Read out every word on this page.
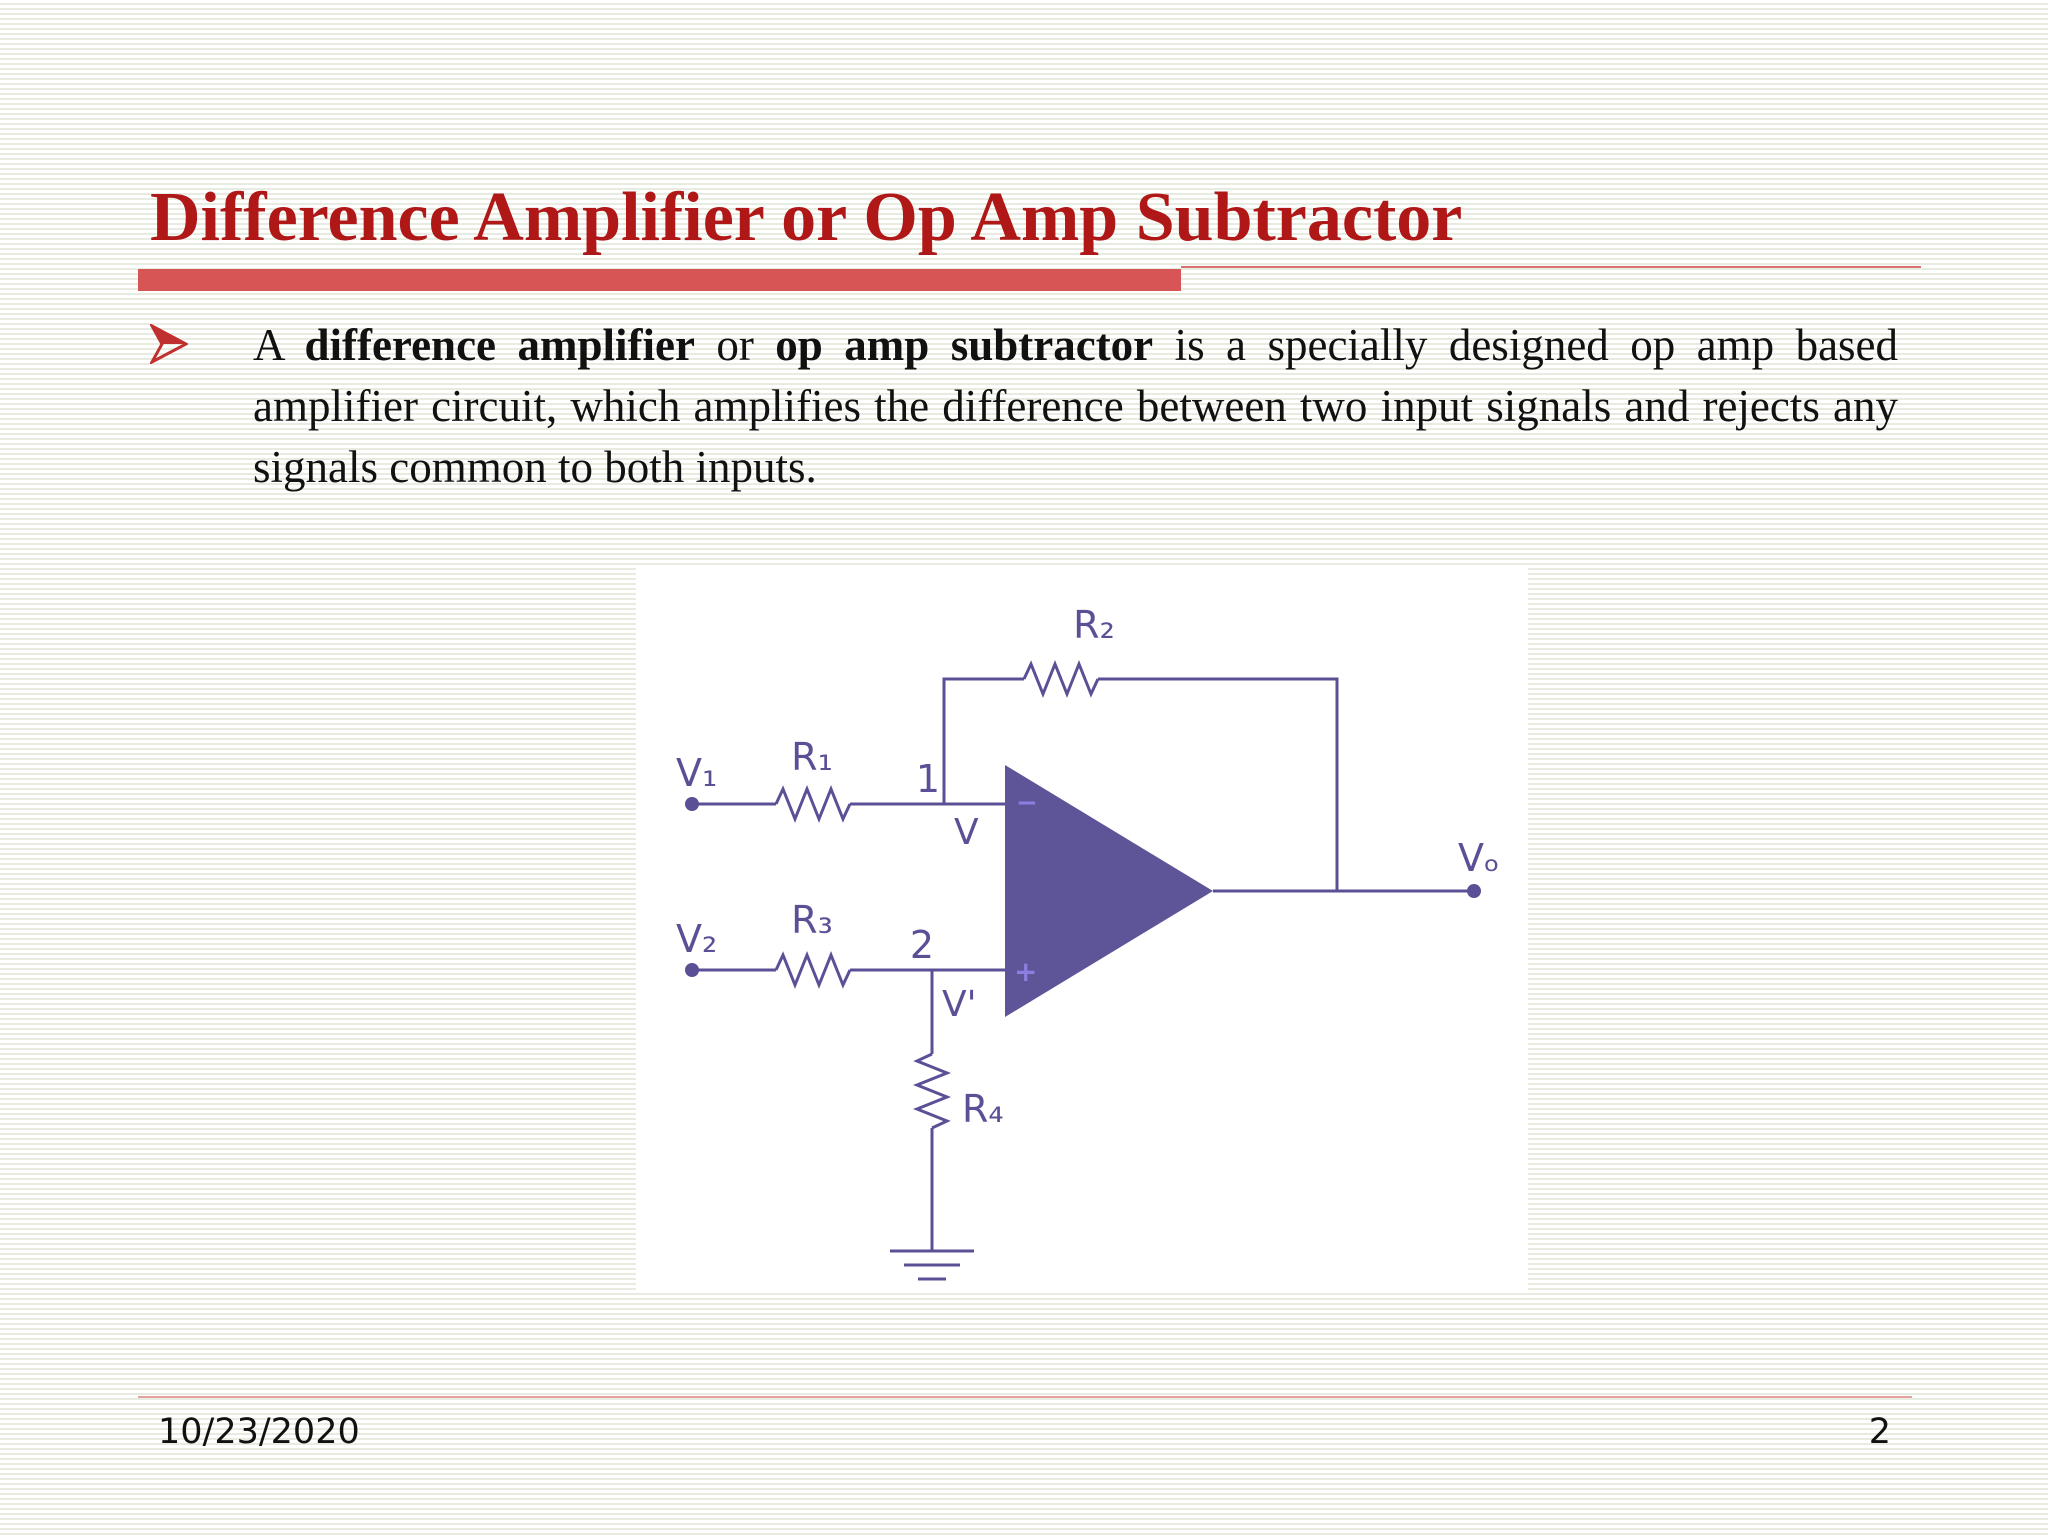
Difference Amplifier or Op Amp Subtractor

A difference amplifier or op amp subtractor is a specially designed op amp based amplifier circuit, which amplifies the difference between two input signals and rejects any signals common to both inputs.

V₁ R₁ 1
V
R₂
Vₒ
V₂ R₃
2
V'
R₄
−
+
10/23/2020	2
